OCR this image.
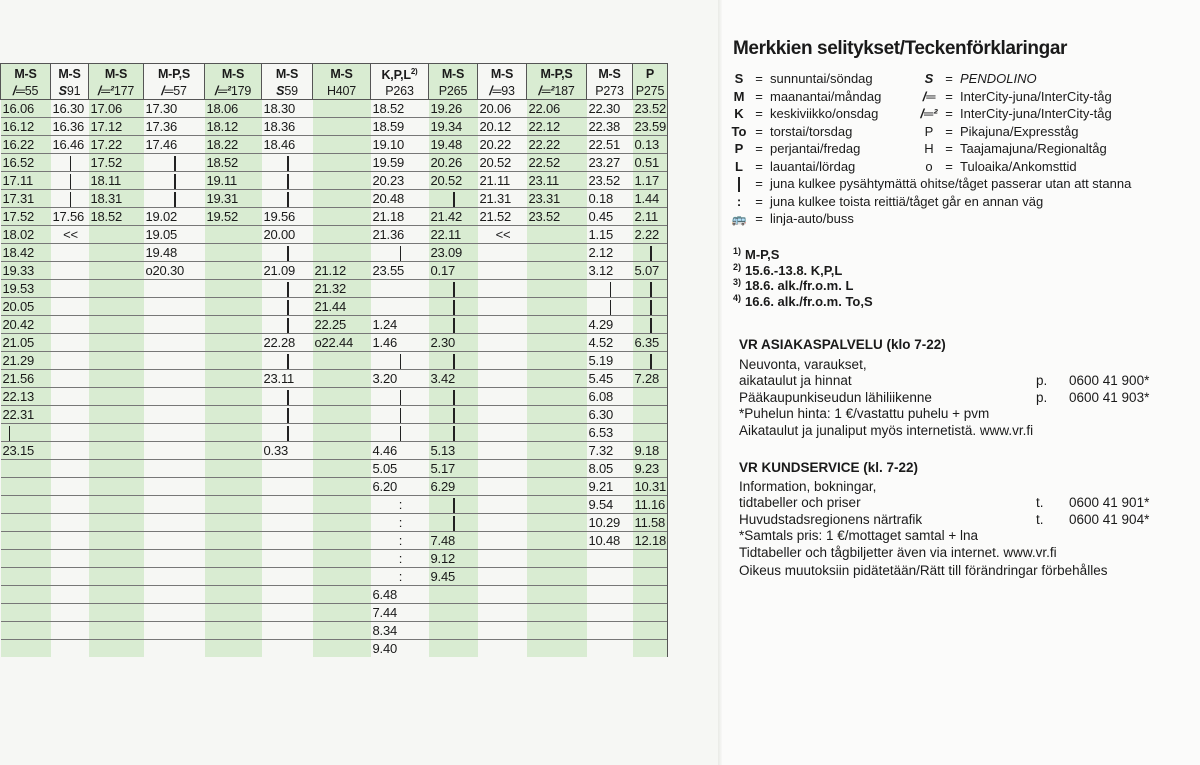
M-S	M-S	M-S	M-P,S	M-S	M-S	M-S	$K,P,L^{2)}$	M-S	M-S	M-P,S	M-S	P
/═55	S91	/═²177	/═57	/═²179	S59	H407	P263	P265	/═93	/═²187	P273	P275
16.06	16.30	17.06	17.30	18.06	18.30		18.52	19.26	20.06	22.06	22.30	23.52
16.12	16.36	17.12	17.36	18.12	18.36		18.59	19.34	20.12	22.12	22.38	23.59
16.22	16.46	17.22	17.46	18.22	18.46		19.10	19.48	20.22	22.22	22.51	0.13
16.52		17.52		18.52			19.59	20.26	20.52	22.52	23.27	0.51
17.11		18.11		19.11			20.23	20.52	21.11	23.11	23.52	1.17
17.31		18.31		19.31			20.48		21.31	23.31	0.18	1.44
17.52	17.56	18.52	19.02	19.52	19.56		21.18	21.42	21.52	23.52	0.45	2.11
18.02	<<		19.05		20.00		21.36	22.11	<<		1.15	2.22
18.42			19.48					23.09			2.12	
19.33			o20.30		21.09	21.12	23.55	0.17			3.12	5.07
19.53						21.32						
20.05						21.44						
20.42						22.25	1.24				4.29	
21.05					22.28	o22.44	1.46	2.30			4.52	6.35
21.29											5.19	
21.56					23.11		3.20	3.42			5.45	7.28
22.13											6.08	
22.31											6.30	
											6.53	
23.15					0.33		4.46	5.13			7.32	9.18
							5.05	5.17			8.05	9.23
							6.20	6.29			9.21	10.31
							:				9.54	11.16
							:				10.29	11.58
							:	7.48			10.48	12.18
							:	9.12				
							:	9.45				
							6.48					
							7.44					
							8.34					
							9.40					
Merkkien selitykset/Teckenförklaringar
S = sunnuntai/söndag
M = maanantai/måndag
K = keskiviikko/onsdag
To = torstai/torsdag
P = perjantai/fredag
L = lauantai/lördag
S = PENDOLINO
/═ = InterCity-juna/InterCity-tåg
/═² = InterCity-juna/InterCity-tåg
P = Pikajuna/Expresståg
H = Taajamajuna/Regionaltåg
o = Tuloaika/Ankomsttid
= juna kulkee pysähtymättä ohitse/tåget passerar utan att stanna
: = juna kulkee toista reittiä/tåget går en annan väg
🚌 = linja-auto/buss
$^{1)}$ M-P,S
$^{2)}$ 15.6.-13.8. K,P,L
$^{3)}$ 18.6. alk./fr.o.m. L
$^{4)}$ 16.6. alk./fr.o.m. To,S
VR ASIAKASPALVELU (klo 7-22)
Neuvonta, varaukset,
aikataulut ja hinnat	p. 0600 41 900*
Pääkaupunkiseudun lähiliikenne	p. 0600 41 903*
*Puhelun hinta: 1 €/vastattu puhelu + pvm
Aikataulut ja junaliput myös internetistä. www.vr.fi
VR KUNDSERVICE (kl. 7-22)
Information, bokningar,
tidtabeller och priser	t. 0600 41 901*
Huvudstadsregionens närtrafik	t. 0600 41 904*
*Samtals pris: 1 €/mottaget samtal + lna
Tidtabeller och tågbiljetter även via internet. www.vr.fi
Oikeus muutoksiin pidätetään/Rätt till förändringar förbehålles
